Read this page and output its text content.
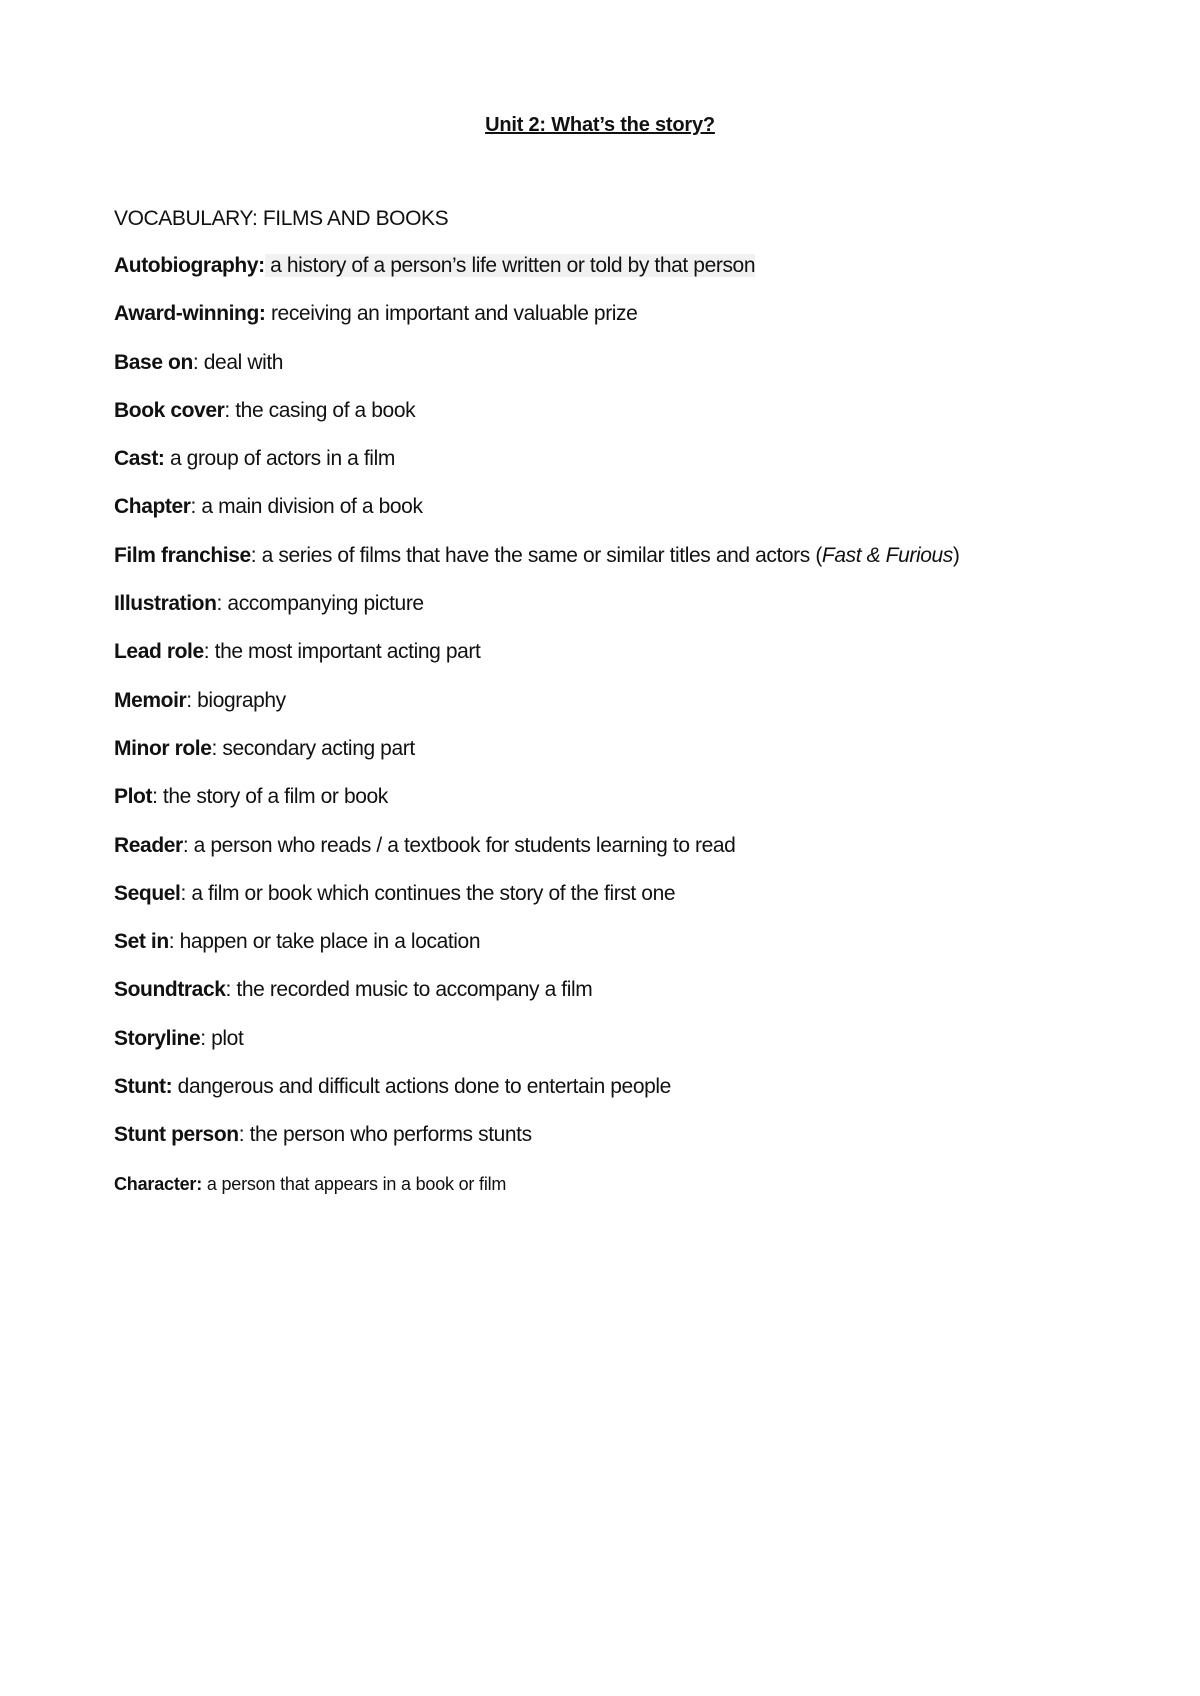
Unit 2: What’s the story?
VOCABULARY: FILMS AND BOOKS
Autobiography: a history of a person’s life written or told by that person
Award-winning: receiving an important and valuable prize
Base on: deal with
Book cover: the casing of a book
Cast: a group of actors in a film
Chapter: a main division of a book
Film franchise: a series of films that have the same or similar titles and actors (Fast & Furious)
Illustration: accompanying picture
Lead role: the most important acting part
Memoir: biography
Minor role: secondary acting part
Plot: the story of a film or book
Reader: a person who reads / a textbook for students learning to read
Sequel: a film or book which continues the story of the first one
Set in: happen or take place in a location
Soundtrack: the recorded music to accompany a film
Storyline: plot
Stunt: dangerous and difficult actions done to entertain people
Stunt person: the person who performs stunts
Character: a person that appears in a book or film
